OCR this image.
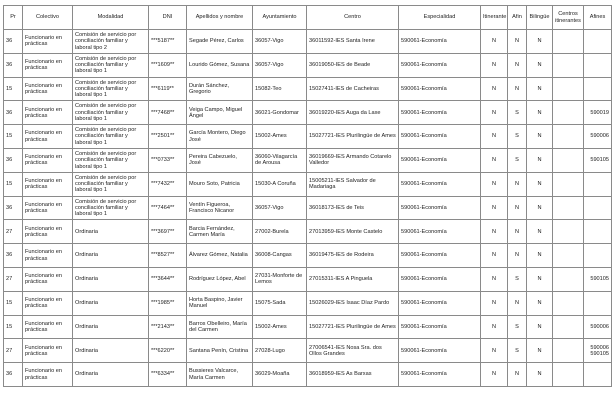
Pr	Colectivo	Modalidad	DNI	Apellidos y nombre	Ayuntamiento	Centro	Especialidad	Itinerante	Afin	Bilingüe	Centros itinerantes	Afines
36	Funcionario en prácticas	Comisión de servicio por conciliación familiar y laboral tipo 2	***5187**	Segade Pérez, Carlos	36057-Vigo	36011592-IES Santa Irene	590061-Economía	N	N	N		
36	Funcionario en prácticas	Comisión de servicio por conciliación familiar y laboral tipo 1	***1609**	Lourido Gómez, Susana	36057-Vigo	36019050-IES de Beade	590061-Economía	N	N	N		
15	Funcionario en prácticas	Comisión de servicio por conciliación familiar y laboral tipo 1	***6119**	Durán Sánchez, Gregorio	15082-Teo	15027411-IES de Cacheiras	590061-Economía	N	N	N		
36	Funcionario en prácticas	Comisión de servicio por conciliación familiar y laboral tipo 1	***7468**	Veiga Campo, Miguel Ángel	36021-Gondomar	36019220-IES Auga da Laxe	590061-Economía	N	S	N		590019
15	Funcionario en prácticas	Comisión de servicio por conciliación familiar y laboral tipo 1	***2501**	García Montero, Diego José	15002-Ames	15027721-IES Plurilingüe de Ames	590061-Economía	N	S	N		590006
36	Funcionario en prácticas	Comisión de servicio por conciliación familiar y laboral tipo 1	***0733**	Pereira Cabezuelo, José	36060-Vilagarcía de Arousa	36019669-IES Armando Cotarelo Valledor	590061-Economía	N	S	N		590105
15	Funcionario en prácticas	Comisión de servicio por conciliación familiar y laboral tipo 1	***7432**	Mouro Soto, Patricia	15030-A Coruña	15005211-IES Salvador de Madariaga	590061-Economía	N	N	N		
36	Funcionario en prácticas	Comisión de servicio por conciliación familiar y laboral tipo 1	***7464**	Ventín Figueroa, Francisco Nicanor	36057-Vigo	36018173-IES de Teis	590061-Economía	N	N	N		
27	Funcionario en prácticas	Ordinaria	***3697**	Barcia Fernández, Carmen María	27002-Burela	27013959-IES Monte Castelo	590061-Economía	N	N	N		
36	Funcionario en prácticas	Ordinaria	***8527**	Álvarez Gómez, Natalia	36008-Cangas	36019475-IES de Rodeira	590061-Economía	N	N	N		
27	Funcionario en prácticas	Ordinaria	***3644**	Rodríguez López, Abel	27031-Monforte de Lemos	27015311-IES A Pinguela	590061-Economía	N	S	N		590105
15	Funcionario en prácticas	Ordinaria	***1985**	Horta Baspino, Javier Manuel	15075-Sada	15026029-IES Isaac Díaz Pardo	590061-Economía	N	N	N		
15	Funcionario en prácticas	Ordinaria	***2143**	Barros Obelleiro, María del Carmen	15002-Ames	15027721-IES Plurilingüe de Ames	590061-Economía	N	S	N		590006
27	Funcionario en prácticas	Ordinaria	***6220**	Santana Penín, Cristina	27028-Lugo	27006541-IES Nosa Sra. dos Ollos Grandes	590061-Economía	N	S	N		590006 590105
36	Funcionario en prácticas	Ordinaria	***6334**	Bussieres Valcarce, María Carmen	36029-Moaña	36018959-IES As Barxas	590061-Economía	N	N	N		
